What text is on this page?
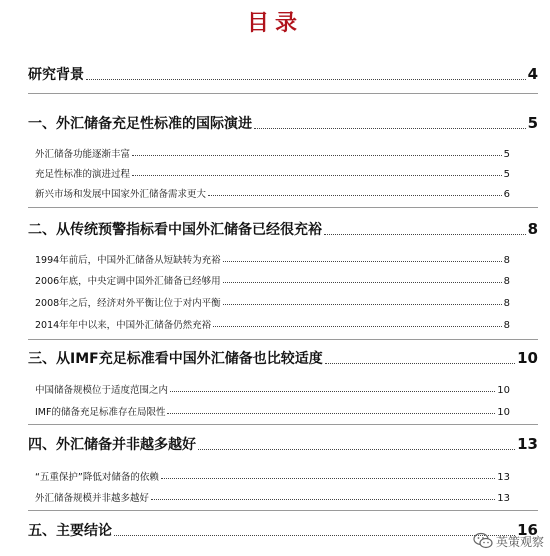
目录
研究背景	4
一、外汇储备充足性标准的国际演进	5
外汇储备功能逐渐丰富	5
充足性标准的演进过程	5
新兴市场和发展中国家外汇储备需求更大	6
二、从传统预警指标看中国外汇储备已经很充裕	8
1994年前后，中国外汇储备从短缺转为充裕	8
2006年底，中央定调中国外汇储备已经够用	8
2008年之后，经济对外平衡让位于对内平衡	8
2014年年中以来，中国外汇储备仍然充裕	8
三、从IMF充足标准看中国外汇储备也比较适度	10
中国储备规模位于适度范围之内	10
IMF的储备充足标准存在局限性	10
四、外汇储备并非越多越好	13
“五重保护”降低对储备的依赖	13
外汇储备规模并非越多越好	13
五、主要结论	16
英策观察
